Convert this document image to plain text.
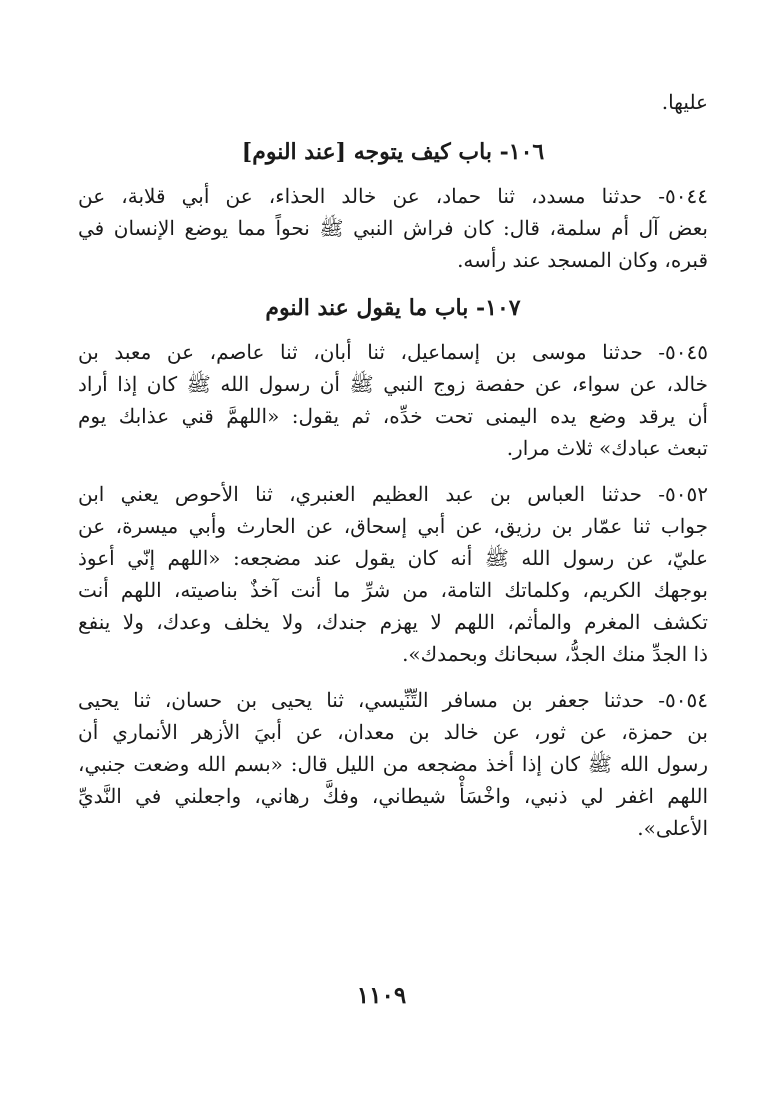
عليها.
١٠٦- باب كيف يتوجه [عند النوم]
٥٠٤٤- حدثنا مسدد، ثنا حماد، عن خالد الحذاء، عن أبي قلابة، عن
بعض آل أم سلمة، قال: كان فراش النبي ﷺ نحواً مما يوضع الإنسان في
قبره، وكان المسجد عند رأسه.
١٠٧- باب ما يقول عند النوم
٥٠٤٥- حدثنا موسى بن إسماعيل، ثنا أبان، ثنا عاصم، عن معبد بن
خالد، عن سواء، عن حفصة زوج النبي ﷺ أن رسول الله ﷺ كان إذا أراد
أن يرقد وضع يده اليمنى تحت خدِّه، ثم يقول: «اللهمَّ قني عذابك يوم
تبعث عبادك» ثلاث مرار.
٥٠٥٢- حدثنا العباس بن عبد العظيم العنبري، ثنا الأحوص يعني ابن
جواب ثنا عمّار بن رزيق، عن أبي إسحاق، عن الحارث وأبي ميسرة، عن
عليّ، عن رسول الله ﷺ أنه كان يقول عند مضجعه: «اللهم إنّي أعوذ
بوجهك الكريم، وكلماتك التامة، من شرِّ ما أنت آخذٌ بناصيته، اللهم أنت
تكشف المغرم والمأثم، اللهم لا يهزم جندك، ولا يخلف وعدك، ولا ينفع
ذا الجدِّ منك الجدُّ، سبحانك وبحمدك».
٥٠٥٤- حدثنا جعفر بن مسافر التِّنِّيسي، ثنا يحيى بن حسان، ثنا يحيى
بن حمزة، عن ثور، عن خالد بن معدان، عن أبيَ الأزهر الأنماري أن
رسول الله ﷺ كان إذا أخذ مضجعه من الليل قال: «بسم الله وضعت جنبي،
اللهم اغفر لي ذنبي، واخْسَأْ شيطاني، وفكَّ رهاني، واجعلني في النَّديِّ
الأعلى».
١١٠٩
